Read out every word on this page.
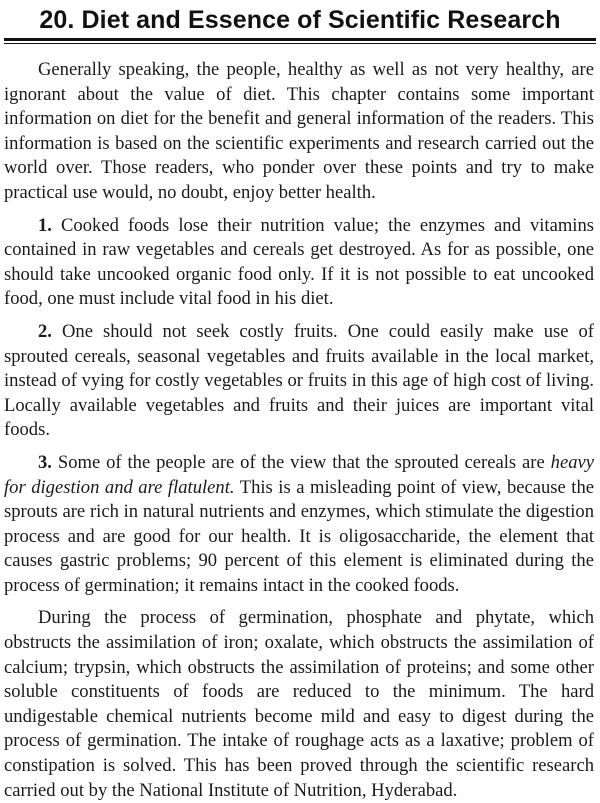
20. Diet and Essence of Scientific Research

Generally speaking, the people, healthy as well as not very healthy, are ignorant about the value of diet. This chapter contains some important information on diet for the benefit and general information of the readers. This information is based on the scientific experiments and research carried out the world over. Those readers, who ponder over these points and try to make practical use would, no doubt, enjoy better health.

1. Cooked foods lose their nutrition value; the enzymes and vitamins contained in raw vegetables and cereals get destroyed. As for as possible, one should take uncooked organic food only. If it is not possible to eat uncooked food, one must include vital food in his diet.

2. One should not seek costly fruits. One could easily make use of sprouted cereals, seasonal vegetables and fruits available in the local market, instead of vying for costly vegetables or fruits in this age of high cost of living. Locally available vegetables and fruits and their juices are important vital foods.

3. Some of the people are of the view that the sprouted cereals are heavy for digestion and are flatulent. This is a misleading point of view, because the sprouts are rich in natural nutrients and enzymes, which stimulate the digestion process and are good for our health. It is oligosaccharide, the element that causes gastric problems; 90 percent of this element is eliminated during the process of germination; it remains intact in the cooked foods.

During the process of germination, phosphate and phytate, which obstructs the assimilation of iron; oxalate, which obstructs the assimilation of calcium; trypsin, which obstructs the assimilation of proteins; and some other soluble constituents of foods are reduced to the minimum. The hard undigestable chemical nutrients become mild and easy to digest during the process of germination. The intake of roughage acts as a laxative; problem of constipation is solved. This has been proved through the scientific research carried out by the National Institute of Nutrition, Hyderabad.
